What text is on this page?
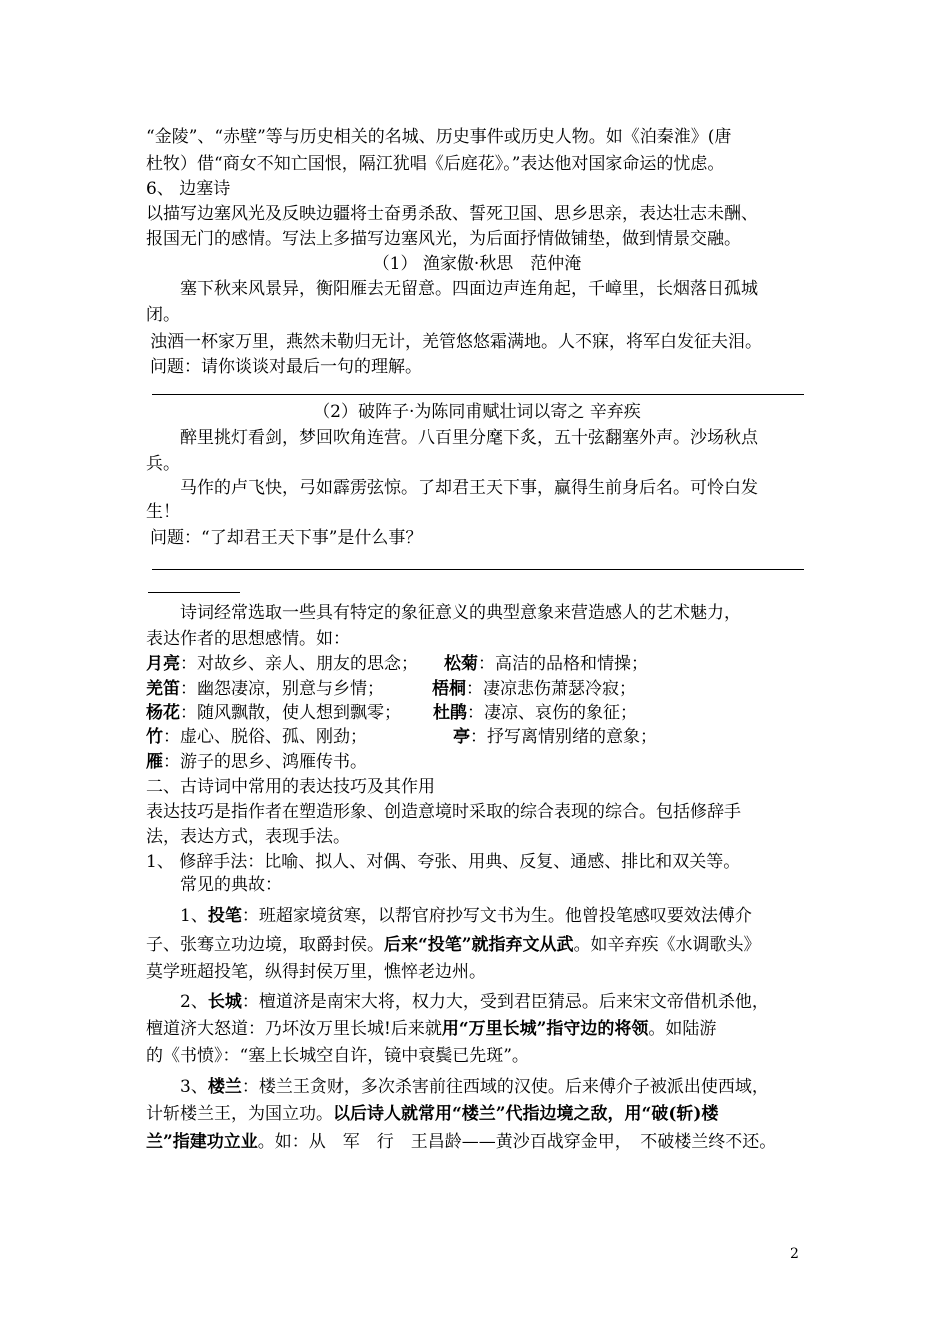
“金陵”、“赤壁”等与历史相关的名城、历史事件或历史人物。如《泊秦淮》(唐
杜牧）借“商女不知亡国恨，隔江犹唱《后庭花》。”表达他对国家命运的忧虑。
6、 边塞诗
以描写边塞风光及反映边疆将士奋勇杀敌、誓死卫国、思乡思亲，表达壮志未酬、
报国无门的感情。写法上多描写边塞风光，为后面抒情做铺垫，做到情景交融。
（1） 渔家傲·秋思　范仲淹
塞下秋来风景异，衡阳雁去无留意。四面边声连角起，千嶂里，长烟落日孤城
闭。
浊酒一杯家万里，燕然未勒归无计，羌管悠悠霜满地。人不寐，将军白发征夫泪。
问题：请你谈谈对最后一句的理解。
（2）破阵子·为陈同甫赋壮词以寄之 辛弃疾
醉里挑灯看剑，梦回吹角连营。八百里分麾下炙，五十弦翻塞外声。沙场秋点
兵。
马作的卢飞快，弓如霹雳弦惊。了却君王天下事，赢得生前身后名。可怜白发
生！
问题：“了却君王天下事”是什么事？
诗词经常选取一些具有特定的象征意义的典型意象来营造感人的艺术魅力，
表达作者的思想感情。如：
月亮：对故乡、亲人、朋友的思念； 松菊：高洁的品格和情操；
羌笛：幽怨凄凉，别意与乡情；	梧桐：凄凉悲伤萧瑟冷寂；
杨花：随风飘散，使人想到飘零； 杜鹃：凄凉、哀伤的象征；
竹：虚心、脱俗、孤、刚劲；	亭：抒写离情别绪的意象；
雁：游子的思乡、鸿雁传书。
二、古诗词中常用的表达技巧及其作用
表达技巧是指作者在塑造形象、创造意境时采取的综合表现的综合。包括修辞手
法，表达方式，表现手法。
1、 修辞手法：比喻、拟人、对偶、夸张、用典、反复、通感、排比和双关等。
常见的典故：
1、投笔：班超家境贫寒，以帮官府抄写文书为生。他曾投笔感叹要效法傅介
子、张骞立功边境，取爵封侯。后来“投笔”就指弃文从武。如辛弃疾《水调歌头》
莫学班超投笔，纵得封侯万里，憔悴老边州。
2、长城：檀道济是南宋大将，权力大，受到君臣猜忌。后来宋文帝借机杀他，
檀道济大怒道：乃坏汝万里长城!后来就用“万里长城”指守边的将领。如陆游
的《书愤》：“塞上长城空自许，镜中衰鬓已先斑”。
3、楼兰：楼兰王贪财，多次杀害前往西域的汉使。后来傅介子被派出使西域，
计斩楼兰王，为国立功。以后诗人就常用“楼兰”代指边境之敌，用“破(斩)楼
兰”指建功立业。如：从　军　行　王昌龄——黄沙百战穿金甲，　不破楼兰终不还。
2
